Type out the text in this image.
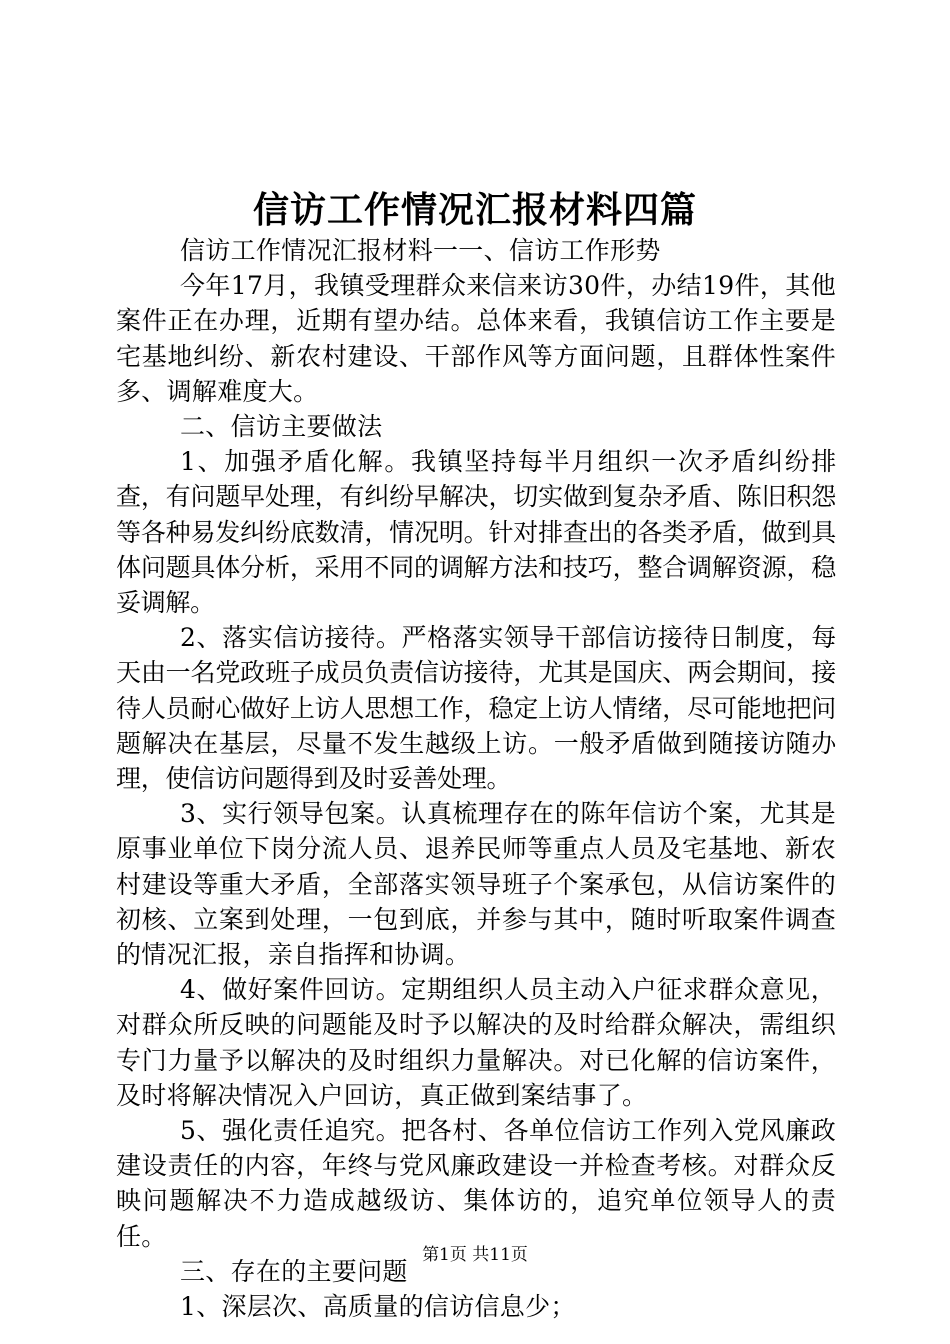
信访工作情况汇报材料四篇

信访工作情况汇报材料一一、信访工作形势

今年17月，我镇受理群众来信来访30件，办结19件，其他案件正在办理，近期有望办结。总体来看，我镇信访工作主要是宅基地纠纷、新农村建设、干部作风等方面问题，且群体性案件多、调解难度大。

二、信访主要做法

1、加强矛盾化解。我镇坚持每半月组织一次矛盾纠纷排查，有问题早处理，有纠纷早解决，切实做到复杂矛盾、陈旧积怨等各种易发纠纷底数清，情况明。针对排查出的各类矛盾，做到具体问题具体分析，采用不同的调解方法和技巧，整合调解资源，稳妥调解。

2、落实信访接待。严格落实领导干部信访接待日制度，每天由一名党政班子成员负责信访接待，尤其是国庆、两会期间，接待人员耐心做好上访人思想工作，稳定上访人情绪，尽可能地把问题解决在基层，尽量不发生越级上访。一般矛盾做到随接访随办理，使信访问题得到及时妥善处理。

3、实行领导包案。认真梳理存在的陈年信访个案，尤其是原事业单位下岗分流人员、退养民师等重点人员及宅基地、新农村建设等重大矛盾，全部落实领导班子个案承包，从信访案件的初核、立案到处理，一包到底，并参与其中，随时听取案件调查的情况汇报，亲自指挥和协调。

4、做好案件回访。定期组织人员主动入户征求群众意见，对群众所反映的问题能及时予以解决的及时给群众解决，需组织专门力量予以解决的及时组织力量解决。对已化解的信访案件，及时将解决情况入户回访，真正做到案结事了。

5、强化责任追究。把各村、各单位信访工作列入党风廉政建设责任的内容，年终与党风廉政建设一并检查考核。对群众反映问题解决不力造成越级访、集体访的，追究单位领导人的责任。

三、存在的主要问题

1、深层次、高质量的信访信息少；

第1页 共11页
